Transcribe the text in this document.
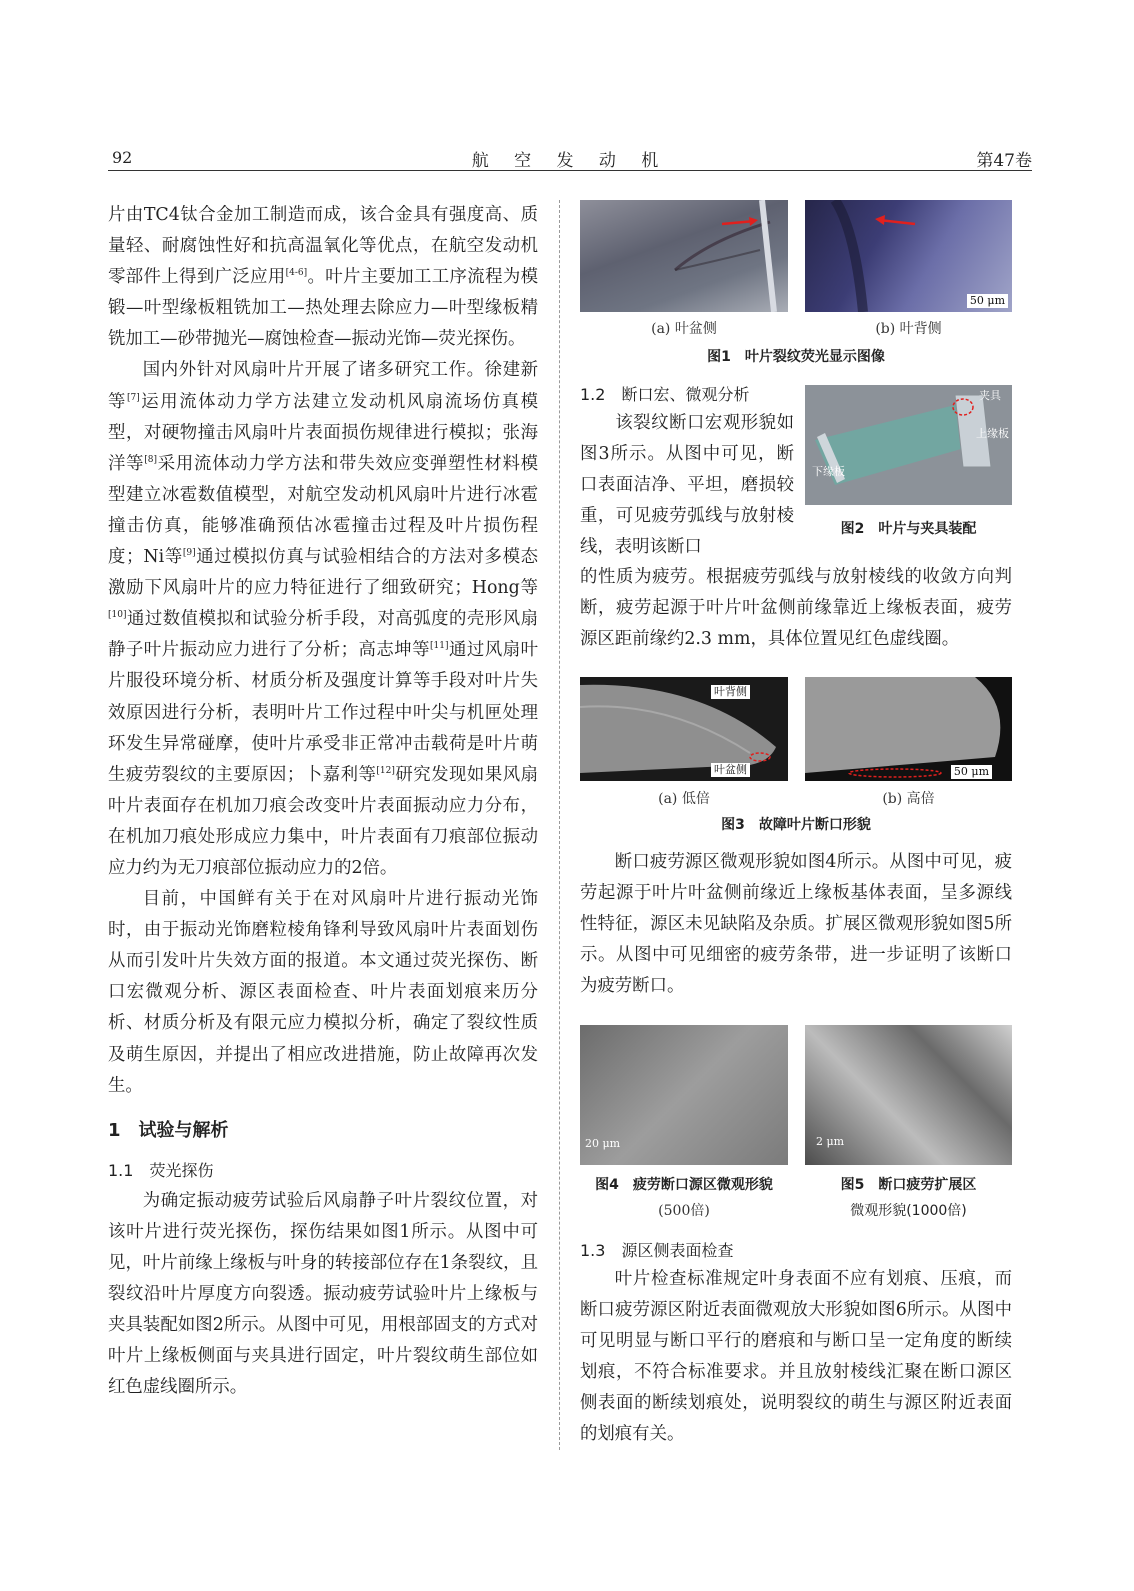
92	航 空 发 动 机	第47卷

片由TC4钛合金加工制造而成，该合金具有强度高、质量轻、耐腐蚀性好和抗高温氧化等优点，在航空发动机零部件上得到广泛应用[4-6]。叶片主要加工工序流程为模锻—叶型缘板粗铣加工—热处理去除应力—叶型缘板精铣加工—砂带抛光—腐蚀检查—振动光饰—荧光探伤。

国内外针对风扇叶片开展了诸多研究工作。徐建新等[7]运用流体动力学方法建立发动机风扇流场仿真模型，对硬物撞击风扇叶片表面损伤规律进行模拟；张海洋等[8]采用流体动力学方法和带失效应变弹塑性材料模型建立冰雹数值模型，对航空发动机风扇叶片进行冰雹撞击仿真，能够准确预估冰雹撞击过程及叶片损伤程度；Ni等[9]通过模拟仿真与试验相结合的方法对多模态激励下风扇叶片的应力特征进行了细致研究；Hong等[10]通过数值模拟和试验分析手段，对高弧度的壳形风扇静子叶片振动应力进行了分析；高志坤等[11]通过风扇叶片服役环境分析、材质分析及强度计算等手段对叶片失效原因进行分析，表明叶片工作过程中叶尖与机匣处理环发生异常碰摩，使叶片承受非正常冲击载荷是叶片萌生疲劳裂纹的主要原因；卜嘉利等[12]研究发现如果风扇叶片表面存在机加刀痕会改变叶片表面振动应力分布，在机加刀痕处形成应力集中，叶片表面有刀痕部位振动应力约为无刀痕部位振动应力的2倍。

目前，中国鲜有关于在对风扇叶片进行振动光饰时，由于振动光饰磨粒棱角锋利导致风扇叶片表面划伤从而引发叶片失效方面的报道。本文通过荧光探伤、断口宏微观分析、源区表面检查、叶片表面划痕来历分析、材质分析及有限元应力模拟分析，确定了裂纹性质及萌生原因，并提出了相应改进措施，防止故障再次发生。

1　试验与解析
1.1　荧光探伤

为确定振动疲劳试验后风扇静子叶片裂纹位置，对该叶片进行荧光探伤，探伤结果如图1所示。从图中可见，叶片前缘上缘板与叶身的转接部位存在1条裂纹，且裂纹沿叶片厚度方向裂透。振动疲劳试验叶片上缘板与夹具装配如图2所示。从图中可见，用根部固支的方式对叶片上缘板侧面与夹具进行固定，叶片裂纹萌生部位如红色虚线圈所示。

50 μm
(a) 叶盆侧	(b) 叶背侧
图1　叶片裂纹荧光显示图像
1.2　断口宏、微观分析
该裂纹断口宏观形貌如图3所示。从图中可见，断口表面洁净、平坦，磨损较重，可见疲劳弧线与放射棱线，表明该断口
夹具
上缘板
下缘板
图2　叶片与夹具装配
的性质为疲劳。根据疲劳弧线与放射棱线的收敛方向判断，疲劳起源于叶片叶盆侧前缘靠近上缘板表面，疲劳源区距前缘约2.3 mm，具体位置见红色虚线圈。
叶背侧
叶盆侧	50 μm
(a) 低倍	(b) 高倍
图3　故障叶片断口形貌
断口疲劳源区微观形貌如图4所示。从图中可见，疲劳起源于叶片叶盆侧前缘近上缘板基体表面，呈多源线性特征，源区未见缺陷及杂质。扩展区微观形貌如图5所示。从图中可见细密的疲劳条带，进一步证明了该断口为疲劳断口。
20 μm	2 μm
图4　疲劳断口源区微观形貌
(500倍)
图5　断口疲劳扩展区
微观形貌(1000倍)
1.3　源区侧表面检查
叶片检查标准规定叶身表面不应有划痕、压痕，而断口疲劳源区附近表面微观放大形貌如图6所示。从图中可见明显与断口平行的磨痕和与断口呈一定角度的断续划痕，不符合标准要求。并且放射棱线汇聚在断口源区侧表面的断续划痕处，说明裂纹的萌生与源区附近表面的划痕有关。
